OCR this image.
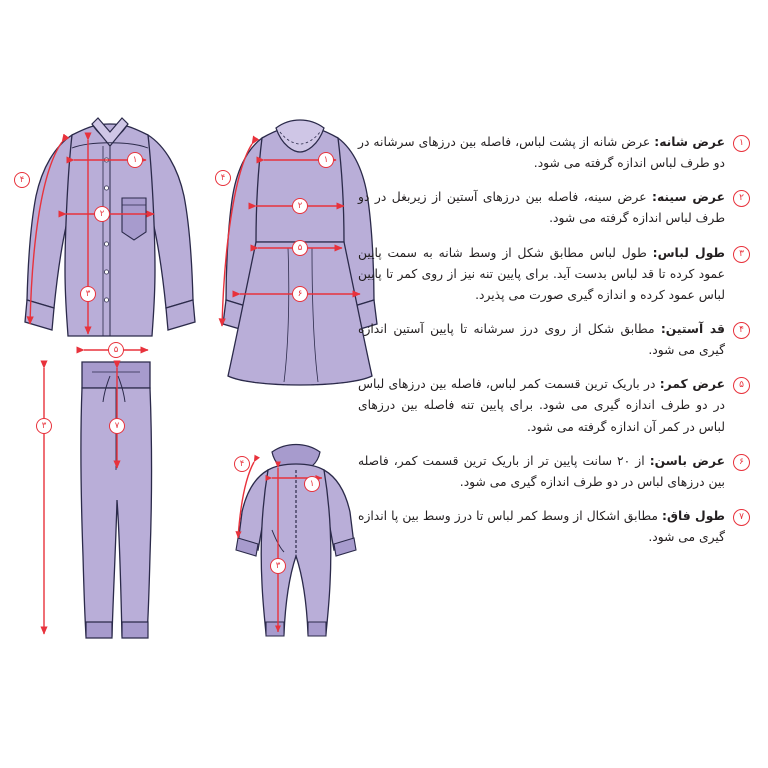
۱
۲
۳
۴
۱
۲
۴
۵
۶
۵
۳	۷
۴
۱
۳
۱
عرض شانه: عرض شانه از پشت لباس، فاصله بین درزهای سرشانه در دو طرف لباس اندازه گرفته می شود.
۲
عرض سینه: عرض سینه، فاصله بین درزهای آستین از زیربغل در دو طرف لباس اندازه گرفته می شود.
۳
طول لباس: طول لباس مطابق شکل از وسط شانه به سمت پایین عمود کرده تا قد لباس بدست آید. برای پایین تنه نیز از روی کمر تا پایین لباس عمود کرده و اندازه گیری صورت می پذیرد.
۴
قد آستین: مطابق شکل از روی درز سرشانه تا پایین آستین اندازه گیری می شود.
۵
عرض کمر: در باریک ترین قسمت کمر لباس، فاصله بین درزهای لباس در دو طرف اندازه گیری می شود. برای پایین تنه فاصله بین درزهای لباس در کمر آن اندازه گرفته می شود.
۶
عرض باسن: از ۲۰ سانت پایین تر از باریک ترین قسمت کمر، فاصله بین درزهای لباس در دو طرف اندازه گیری می شود.
۷
طول فاق: مطابق اشکال از وسط کمر لباس تا درز وسط بین پا اندازه گیری می شود.
